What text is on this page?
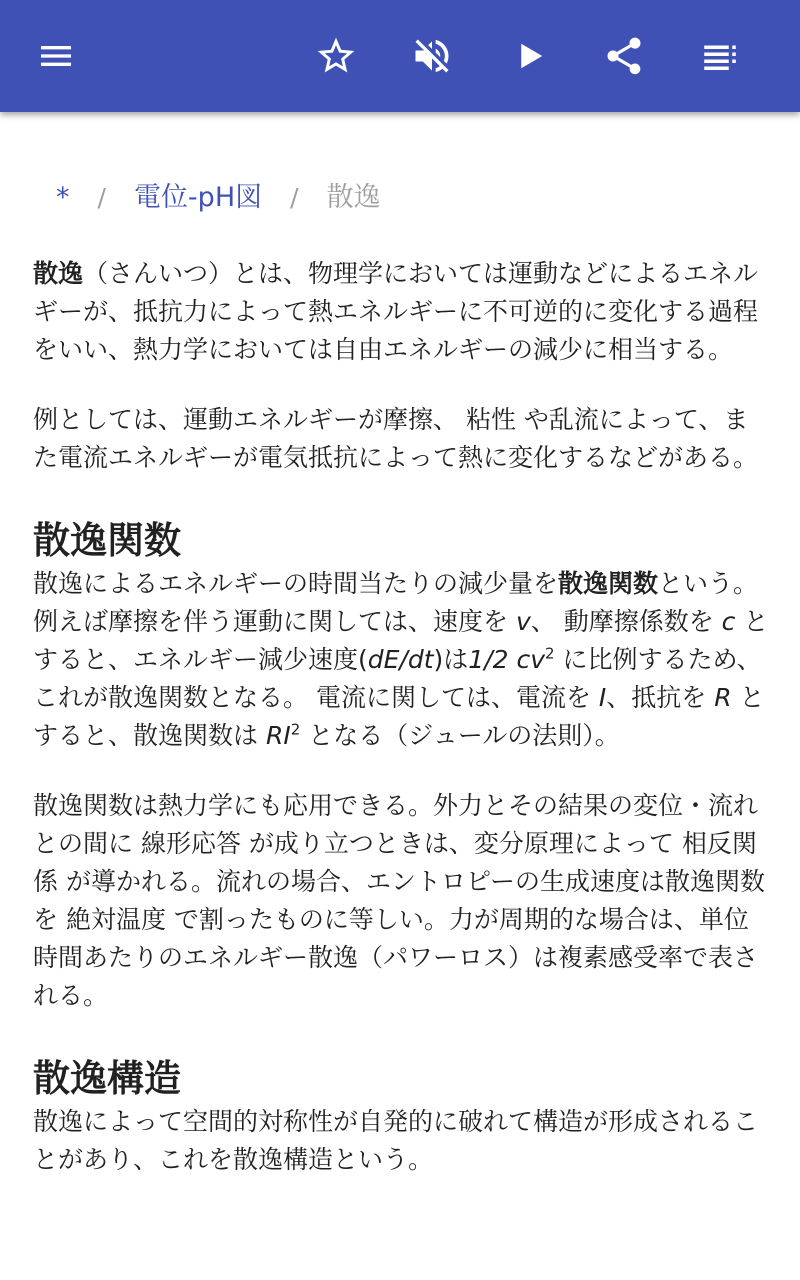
* / 電位-pH図 / 散逸

散逸（さんいつ）とは、物理学においては運動などによるエネルギーが、抵抗力によって熱エネルギーに不可逆的に変化する過程をいい、熱力学においては自由エネルギーの減少に相当する。

例としては、運動エネルギーが摩擦、 粘性 や乱流によって、また電流エネルギーが電気抵抗によって熱に変化するなどがある。

散逸関数

散逸によるエネルギーの時間当たりの減少量を散逸関数という。例えば摩擦を伴う運動に関しては、速度を v、 動摩擦係数を c とすると、エネルギー減少速度(dE/dt)は1/2 $cv^2$ に比例するため、これが散逸関数となる。 電流に関しては、電流を I、抵抗を R とすると、散逸関数は $RI^2$ となる（ジュールの法則）。

散逸関数は熱力学にも応用できる。外力とその結果の変位・流れとの間に 線形応答 が成り立つときは、変分原理によって 相反関係 が導かれる。流れの場合、エントロピーの生成速度は散逸関数を 絶対温度 で割ったものに等しい。力が周期的な場合は、単位時間あたりのエネルギー散逸（パワーロス）は複素感受率で表される。

散逸構造

散逸によって空間的対称性が自発的に破れて構造が形成されることがあり、これを散逸構造という。
